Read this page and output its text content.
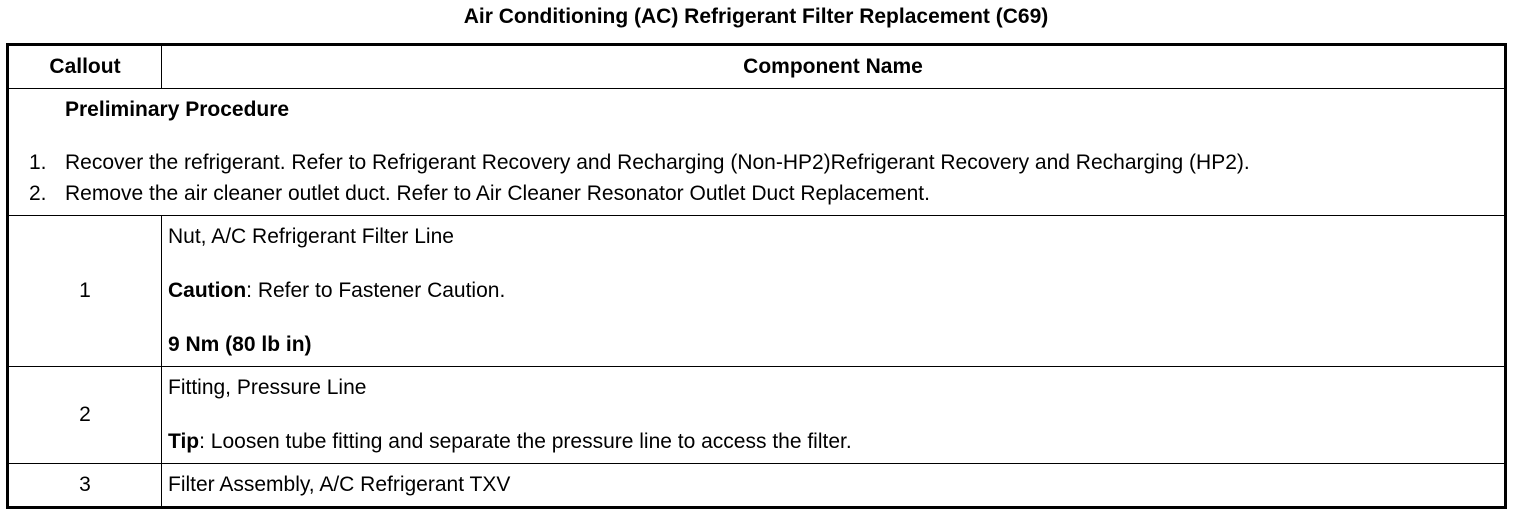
Air Conditioning (AC) Refrigerant Filter Replacement (C69)
Callout	Component Name

Preliminary Procedure
1. Recover the refrigerant. Refer to Refrigerant Recovery and Recharging (Non-HP2)Refrigerant Recovery and Recharging (HP2).
2. Remove the air cleaner outlet duct. Refer to Air Cleaner Resonator Outlet Duct Replacement.	

1	Nut, A/C Refrigerant Filter Line
Caution: Refer to Fastener Caution.
9 Nm (80 lb in)

2	Fitting, Pressure Line
Tip: Loosen tube fitting and separate the pressure line to access the filter.

3	Filter Assembly, A/C Refrigerant TXV
